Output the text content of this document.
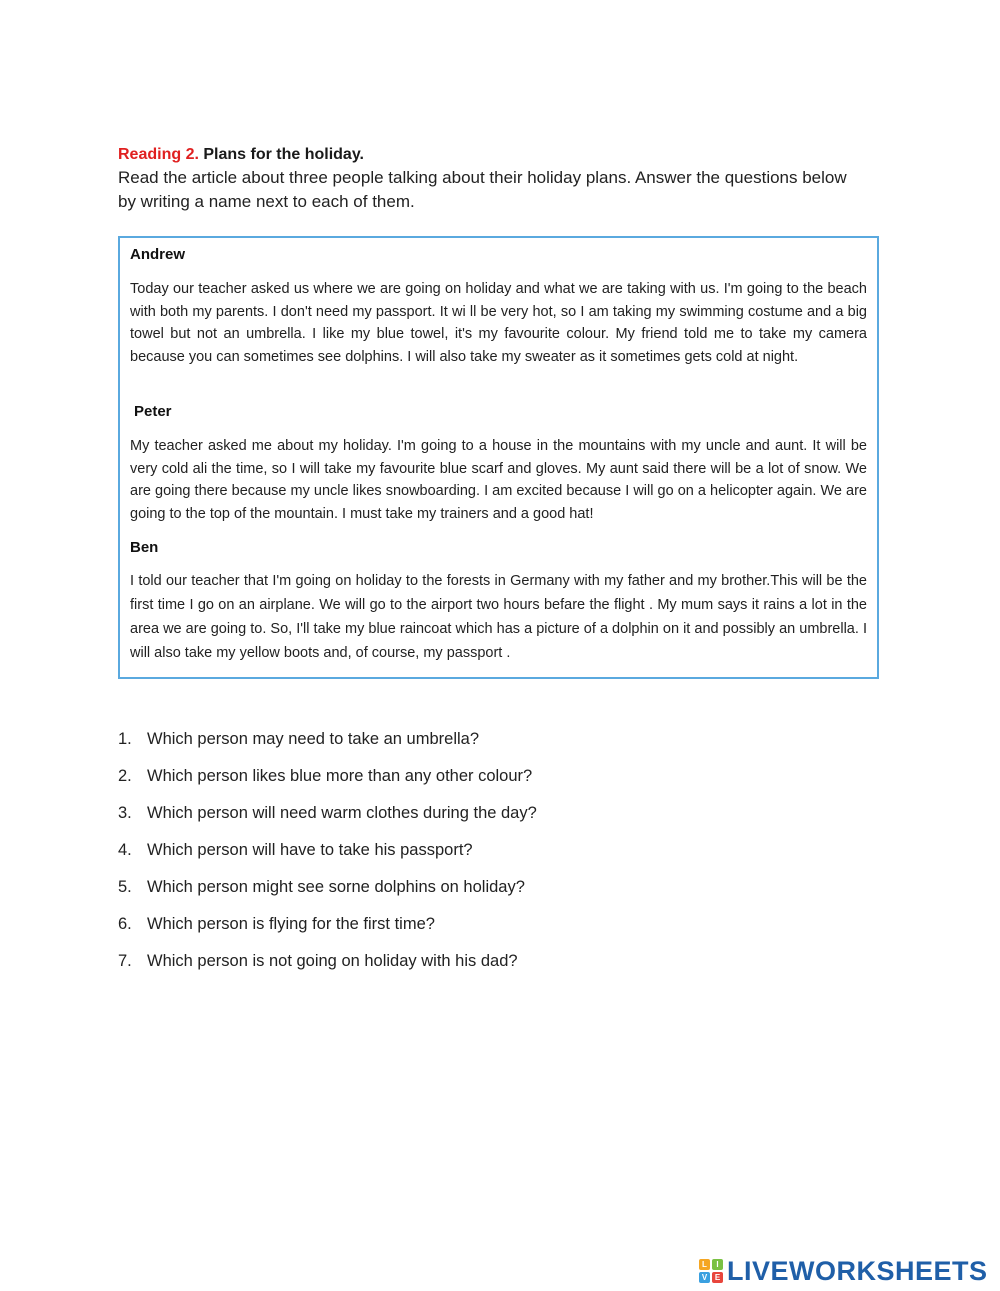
Reading 2. Plans for the holiday.
Read the article about three people talking about their holiday plans. Answer the questions below by writing a name next to each of them.
Andrew
Today our teacher asked us where we are going on holiday and what we are taking with us. I'm going to the beach with both my parents. I don't need my passport. It wi ll be very hot, so I am taking my swimming costume and a big towel but not an umbrella. I like my blue towel, it's my favourite colour. My friend told me to take my camera because you can sometimes see dolphins. I will also take my sweater as it sometimes gets cold at night.
Peter
My teacher asked me about my holiday. I'm going to a house in the mountains with my uncle and aunt. It will be very cold ali the time, so I will take my favourite blue scarf and gloves. My aunt said there will be a lot of snow. We are going there because my uncle likes snowboarding. I am excited because I will go on a helicopter again. We are going to the top of the mountain. I must take my trainers and a good hat!
Ben
I told our teacher that I'm going on holiday to the forests in Germany with my father and my brother.This will be the first time I go on an airplane. We will go to the airport two hours befare the flight . My mum says it rains a lot in the area we are going to. So, I'll take my blue raincoat which has a picture of a dolphin on it and possibly an umbrella. I will also take my yellow boots and, of course, my passport .
1. Which person may need to take an umbrella?
2. Which person likes blue more than any other colour?
3. Which person will need warm clothes during the day?
4. Which person will have to take his passport?
5. Which person might see sorne dolphins on holiday?
6. Which person is flying for the first time?
7. Which person is not going on holiday with his dad?
L	I
V E LIVEWORKSHEETS
